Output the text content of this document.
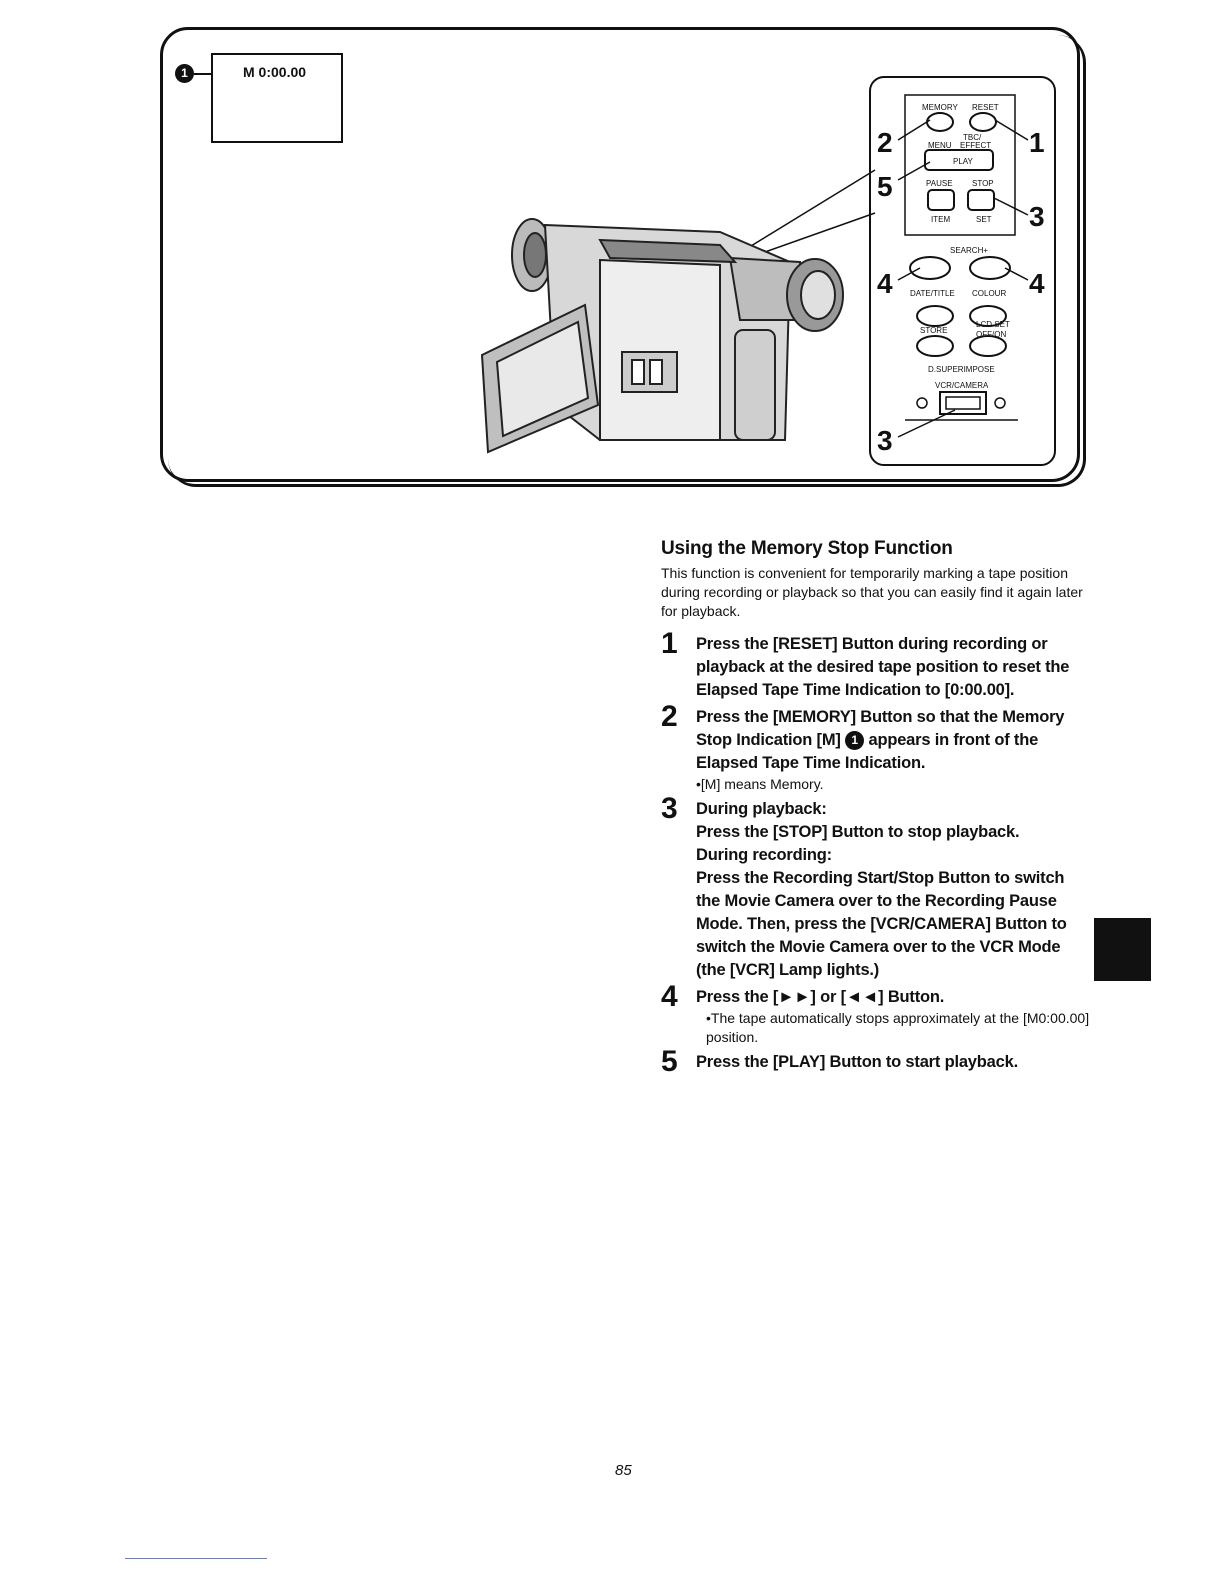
1	M 0:00.00
MEMORY RESET
TBC/
MENU EFFECT
PLAY
PAUSE STOP
ITEM	SET
SEARCH+
DATE/TITLE COLOUR
STORE
LCD SET
OFF/ON
D.SUPERIMPOSE
VCR/CAMERA
2	1
5
3
4	4
3
Using the Memory Stop Function
This function is convenient for temporarily marking a tape position during recording or playback so that you can easily find it again later for playback.
1 Press the [RESET] Button during recording or playback at the desired tape position to reset the Elapsed Tape Time Indication to [0:00.00].
2 Press the [MEMORY] Button so that the Memory Stop Indication [M] 1 appears in front of the Elapsed Tape Time Indication.
•[M] means Memory.
3 During playback:
Press the [STOP] Button to stop playback.
During recording:
Press the Recording Start/Stop Button to switch the Movie Camera over to the Recording Pause Mode. Then, press the [VCR/CAMERA] Button to switch the Movie Camera over to the VCR Mode (the [VCR] Lamp lights.)
4 Press the [►►] or [◄◄] Button.
•The tape automatically stops approximately at the [M0:00.00] position.
5 Press the [PLAY] Button to start playback.
85
